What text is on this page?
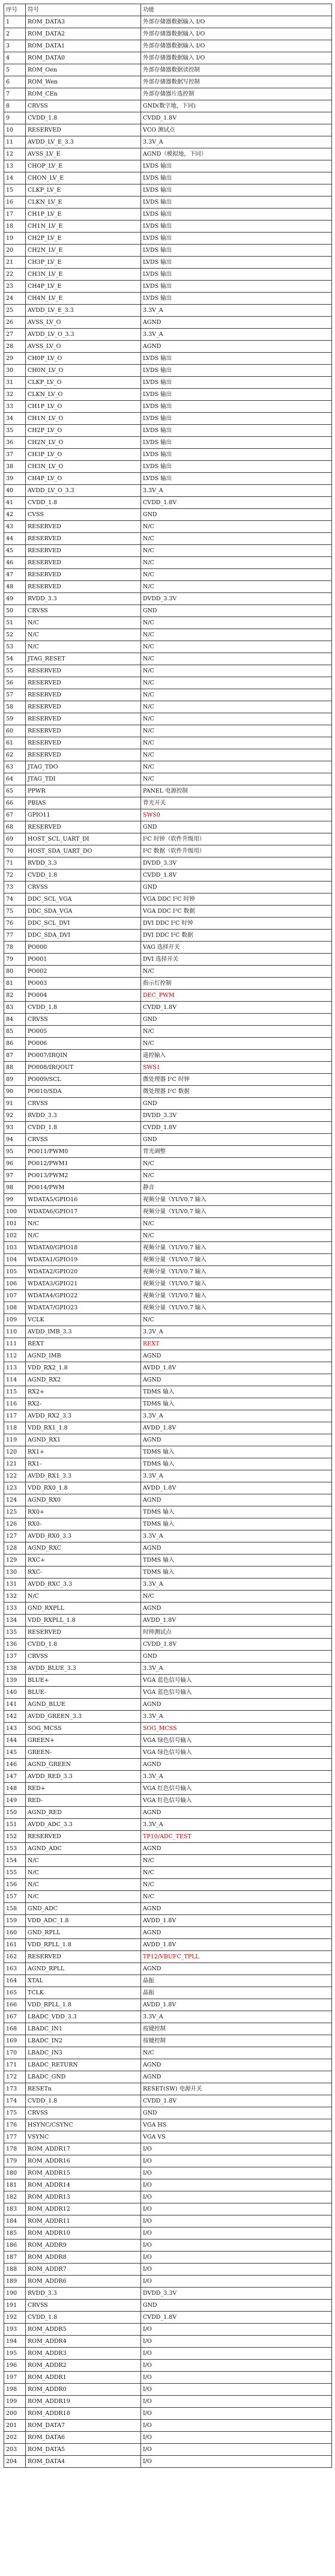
序号	符号	功能
1	ROM_DATA3	外部存储器数据输入 I/O
2	ROM_DATA2	外部存储器数据输入 I/O
3	ROM_DATA1	外部存储器数据输入 I/O
4	ROM_DATA0	外部存储器数据输入 I/O
5	ROM_Oen	外部存储器数据读控制
6	ROM_Wen	外部存储器数据写控制
7	ROM_CEn	外部存储器片选控制
8	CRVSS	GND(数字地，下同)
9	CVDD_1.8	CVDD_1.8V
10	RESERVED	VCO 测试点
11	AVDD_LV_E_3.3	3.3V_A
12	AVSS_LV_E	AGND（模拟地，下同）
13	CHOP_LV_E	LVDS 输出
14	CHON_LV_E	LVDS 输出
15	CLKP_LV_E	LVDS 输出
16	CLKN_LV_E	LVDS 输出
17	CH1P_LV_E	LVDS 输出
18	CH1N_LV_E	LVDS 输出
19	CH2P_LV_E	LVDS 输出
20	CH2N_LV_E	LVDS 输出
21	CH3P_LV_E	LVDS 输出
22	CH3N_LV_E	LVDS 输出
23	CH4P_LV_E	LVDS 输出
24	CH4N_LV_E	LVDS 输出
25	AVDD_LV_E_3.3	3.3V_A
26	AVSS_LV_O	AGND
27	AVDD_LV_O_3.3	3.3V_A
28	AVSS_LV_O	AGND
29	CH0P_LV_O	LVDS 输出
30	CH0N_LV_O	LVDS 输出
31	CLKP_LV_O	LVDS 输出
32	CLKN_LV_O	LVDS 输出
33	CH1P_LV_O	LVDS 输出
34	CH1N_LV_O	LVDS 输出
35	CH2P_LV_O	LVDS 输出
36	CH2N_LV_O	LVDS 输出
37	CH3P_LV_O	LVDS 输出
38	CH3N_LV_O	LVDS 输出
39	CH4P_LV_O	LVDS 输出
40	AVDD_LV_O_3.3	3.3V_A
41	CVDD_1.8	CVDD_1.8V
42	CVSS	GND
43	RESERVED	N/C
44	RESERVED	N/C
45	RESERVED	N/C
46	RESERVED	N/C
47	RESERVED	N/C
48	RESERVED	N/C
49	RVDD_3.3	DVDD_3.3V
50	CRVSS	GND
51	N/C	N/C
52	N/C	N/C
53	N/C	N/C
54	JTAG_RESET	N/C
55	RESERVED	N/C
56	RESERVED	N/C
57	RESERVED	N/C
58	RESERVED	N/C
59	RESERVED	N/C
60	RESERVED	N/C
61	RESERVED	N/C
62	RESERVED	N/C
63	JTAG_TDO	N/C
64	JTAG_TDI	N/C
65	PPWR	PANEL 电源控制
66	PBIAS	背光开关
67	GPIO11	SWS0
68	RESERVED	GND
69	HOST_SCL_UART_DI	I²C 时钟（软件升级用）
70	HOST_SDA_UART_DO	I²C 数据（软件升级用）
71	RVDD_3.3	DVDD_3.3V
72	CVDD_1.8	CVDD_1.8V
73	CRVSS	GND
74	DDC_SCL_VGA	VGA DDC I²C 时钟
75	DDC_SDA_VGA	VGA DDC I²C 数据
76	DDC_SCL_DVI	DVI DDC I²C 时钟
77	DDC_SDA_DVI	DVI DDC I²C 数据
78	PO000	VAG 选择开关
79	PO001	DVI 选择开关
80	PO002	N/C
81	PO003	指示灯控制
82	PO004	DEC_PWM
83	CVDD_1.8	CVDD_1.8V
84	CRVSS	GND
85	PO005	N/C
86	PO006	N/C
87	PO007/IRQIN	遥控输入
88	PO008/IRQOUT	SWS1
89	PO009/SCL	微处理器 I²C 时钟
90	PO010/SDA	微处理器 I²C 数据
91	CRVSS	GND
92	RVDD_3.3	DVDD_3.3V
93	CVDD_1.8	CVDD_1.8V
94	CRVSS	GND
95	PO011/PWM0	背光调整
96	PO012/PWM1	N/C
97	PO013/PWM2	N/C
98	PO014/PWM	静音
99	WDATA5/GPIO16	视频分量（YUV0.7 输入
100	WDATA6/GPIO17	视频分量（YUV0.7 输入
101	N/C	N/C
102	N/C	N/C
103	WDATA0/GPIO18	视频分量（YUV0.7 输入
104	WDATA1/GPIO19	视频分量（YUV0.7 输入
105	WDATA2/GPIO20	视频分量（YUV0.7 输入
106	WDATA3/GPIO21	视频分量（YUV0.7 输入
107	WDATA4/GPIO22	视频分量（YUV0.7 输入
108	WDATA7/GPIO23	视频分量（YUV0.7 输入
109	VCLK	N/C
110	AVDD_IMB_3.3	3.3V_A
111	REXT	REXT
112	AGND_IMB	AGND
113	VDD_RX2_1.8	AVDD_1.8V
114	AGND_RX2	AGND
115	RX2+	TDMS 输入
116	RX2-	TDMS 输入
117	AVDD_RX2_3.3	3.3V_A
118	VDD_RX1_1.8	AVDD_1.8V
119	AGND_RX1	AGND
120	RX1+	TDMS 输入
121	RX1-	TDMS 输入
122	AVDD_RX1_3.3	3.3V_A
123	VDD_RX0_1.8	AVDD_1.8V
124	AGND_RX0	AGND
125	RX0+	TDMS 输入
126	RX0-	TDMS 输入
127	AVDD_RX0_3.3	3.3V_A
128	AGND_RXC	AGND
129	RXC+	TDMS 输入
130	RXC-	TDMS 输入
131	AVDD_RXC_3.3	3.3V_A
132	N/C	N/C
133	GND_RXPLL	AGND
134	VDD_RXPLL_1.8	AVDD_1.8V
135	RESERVED	时钟测试点
136	CVDD_1.8	CVDD_1.8V
137	CRVSS	GND
138	AVDD_BLUE_3.3	3.3V_A
139	BLUE+	VGA 蓝色信号输入
140	BLUE-	VGA 蓝色信号输入
141	AGND_BLUE	AGND
142	AVDD_GREEN_3.3	3.3V_A
143	SOG_MCSS	SOG_MCSS
144	GREEN+	VGA 绿色信号输入
145	GREEN-	VGA 绿色信号输入
146	AGND_GREEN	AGND
147	AVDD_RED_3.3	3.3V_A
148	RED+	VGA 红色信号输入
149	RED-	VGA 红色信号输入
150	AGND_RED	AGND
151	AVDD_ADC_3.3	3.3V_A
152	RESERVED	TP10/ADC_TEST
153	AGND_ADC	AGND
154	N/C	N/C
155	N/C	N/C
156	N/C	N/C
157	N/C	N/C
158	GND_ADC	AGND
159	VDD_ADC_1.8	AVDD_1.8V
160	GND_RPLL	AGND
161	VDD_RPLL_1.8	AVDD_1.8V
162	RESERVED	TP12/VBUFC_TPLL
163	AGND_RPLL	AGND
164	XTAL	晶振
165	TCLK	晶振
166	VDD_RPLL_1.8	AVDD_1.8V
167	LBADC_VDD_3.3	3.3V_A
168	LBADC_IN1	按键控制
169	LBADC_IN2	按键控制
170	LBADC_IN3	N/C
171	LBADC_RETURN	AGND
172	LBADC_GND	AGND
173	RESETn	RESET(SW) 电源开关
174	CVDD_1.8	CVDD_1.8V
175	CRVSS	GND
176	HSYNC/CSYNC	VGA HS
177	VSYNC	VGA VS
178	ROM_ADDR17	I/O
179	ROM_ADDR16	I/O
180	ROM_ADDR15	I/O
181	ROM_ADDR14	I/O
182	ROM_ADDR13	I/O
183	ROM_ADDR12	I/O
184	ROM_ADDR11	I/O
185	ROM_ADDR10	I/O
186	ROM_ADDR9	I/O
187	ROM_ADDR8	I/O
188	ROM_ADDR7	I/O
189	ROM_ADDR6	I/O
190	RVDD_3.3	DVDD_3.3V
191	CRVSS	GND
192	CVDD_1.8	CVDD_1.8V
193	ROM_ADDR5	I/O
194	ROM_ADDR4	I/O
195	ROM_ADDR3	I/O
196	ROM_ADDR2	I/O
197	ROM_ADDR1	I/O
198	ROM_ADDR0	I/O
199	ROM_ADDR19	I/O
200	ROM_ADDR18	I/O
201	ROM_DATA7	I/O
202	ROM_DATA6	I/O
203	ROM_DATA5	I/O
204	ROM_DATA4	I/O
